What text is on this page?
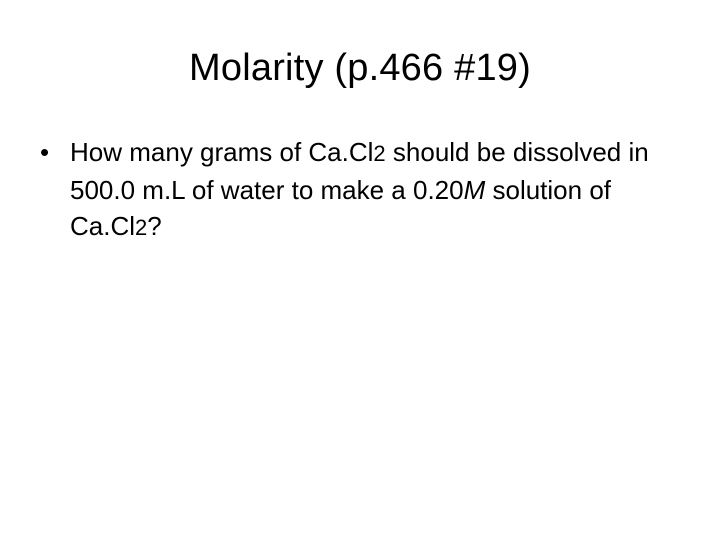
Molarity (p.466 #19)
• How many grams of Ca.Cl2 should be dissolved in 500.0 m.L of water to make a 0.20M solution of Ca.Cl2?
